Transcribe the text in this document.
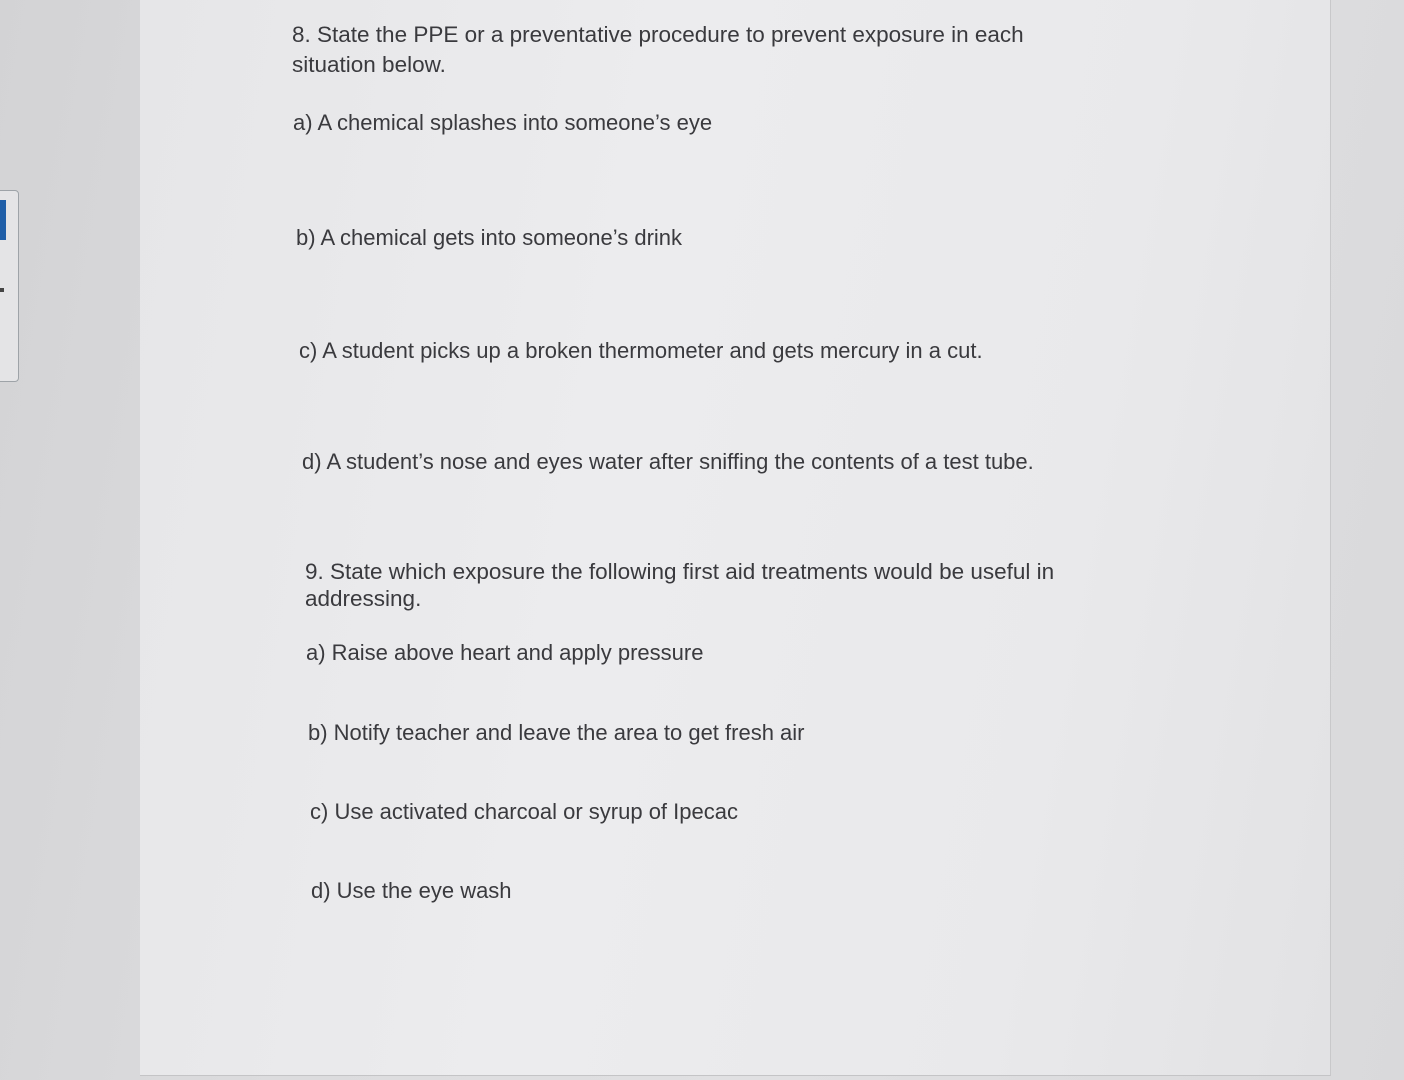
8. State the PPE or a preventative procedure to prevent exposure in each

situation below.

a) A chemical splashes into someone’s eye

b) A chemical gets into someone’s drink

c) A student picks up a broken thermometer and gets mercury in a cut.

d) A student’s nose and eyes water after sniffing the contents of a test tube.

9. State which exposure the following first aid treatments would be useful in

addressing.

a) Raise above heart and apply pressure

b) Notify teacher and leave the area to get fresh air

c) Use activated charcoal or syrup of Ipecac

d) Use the eye wash
